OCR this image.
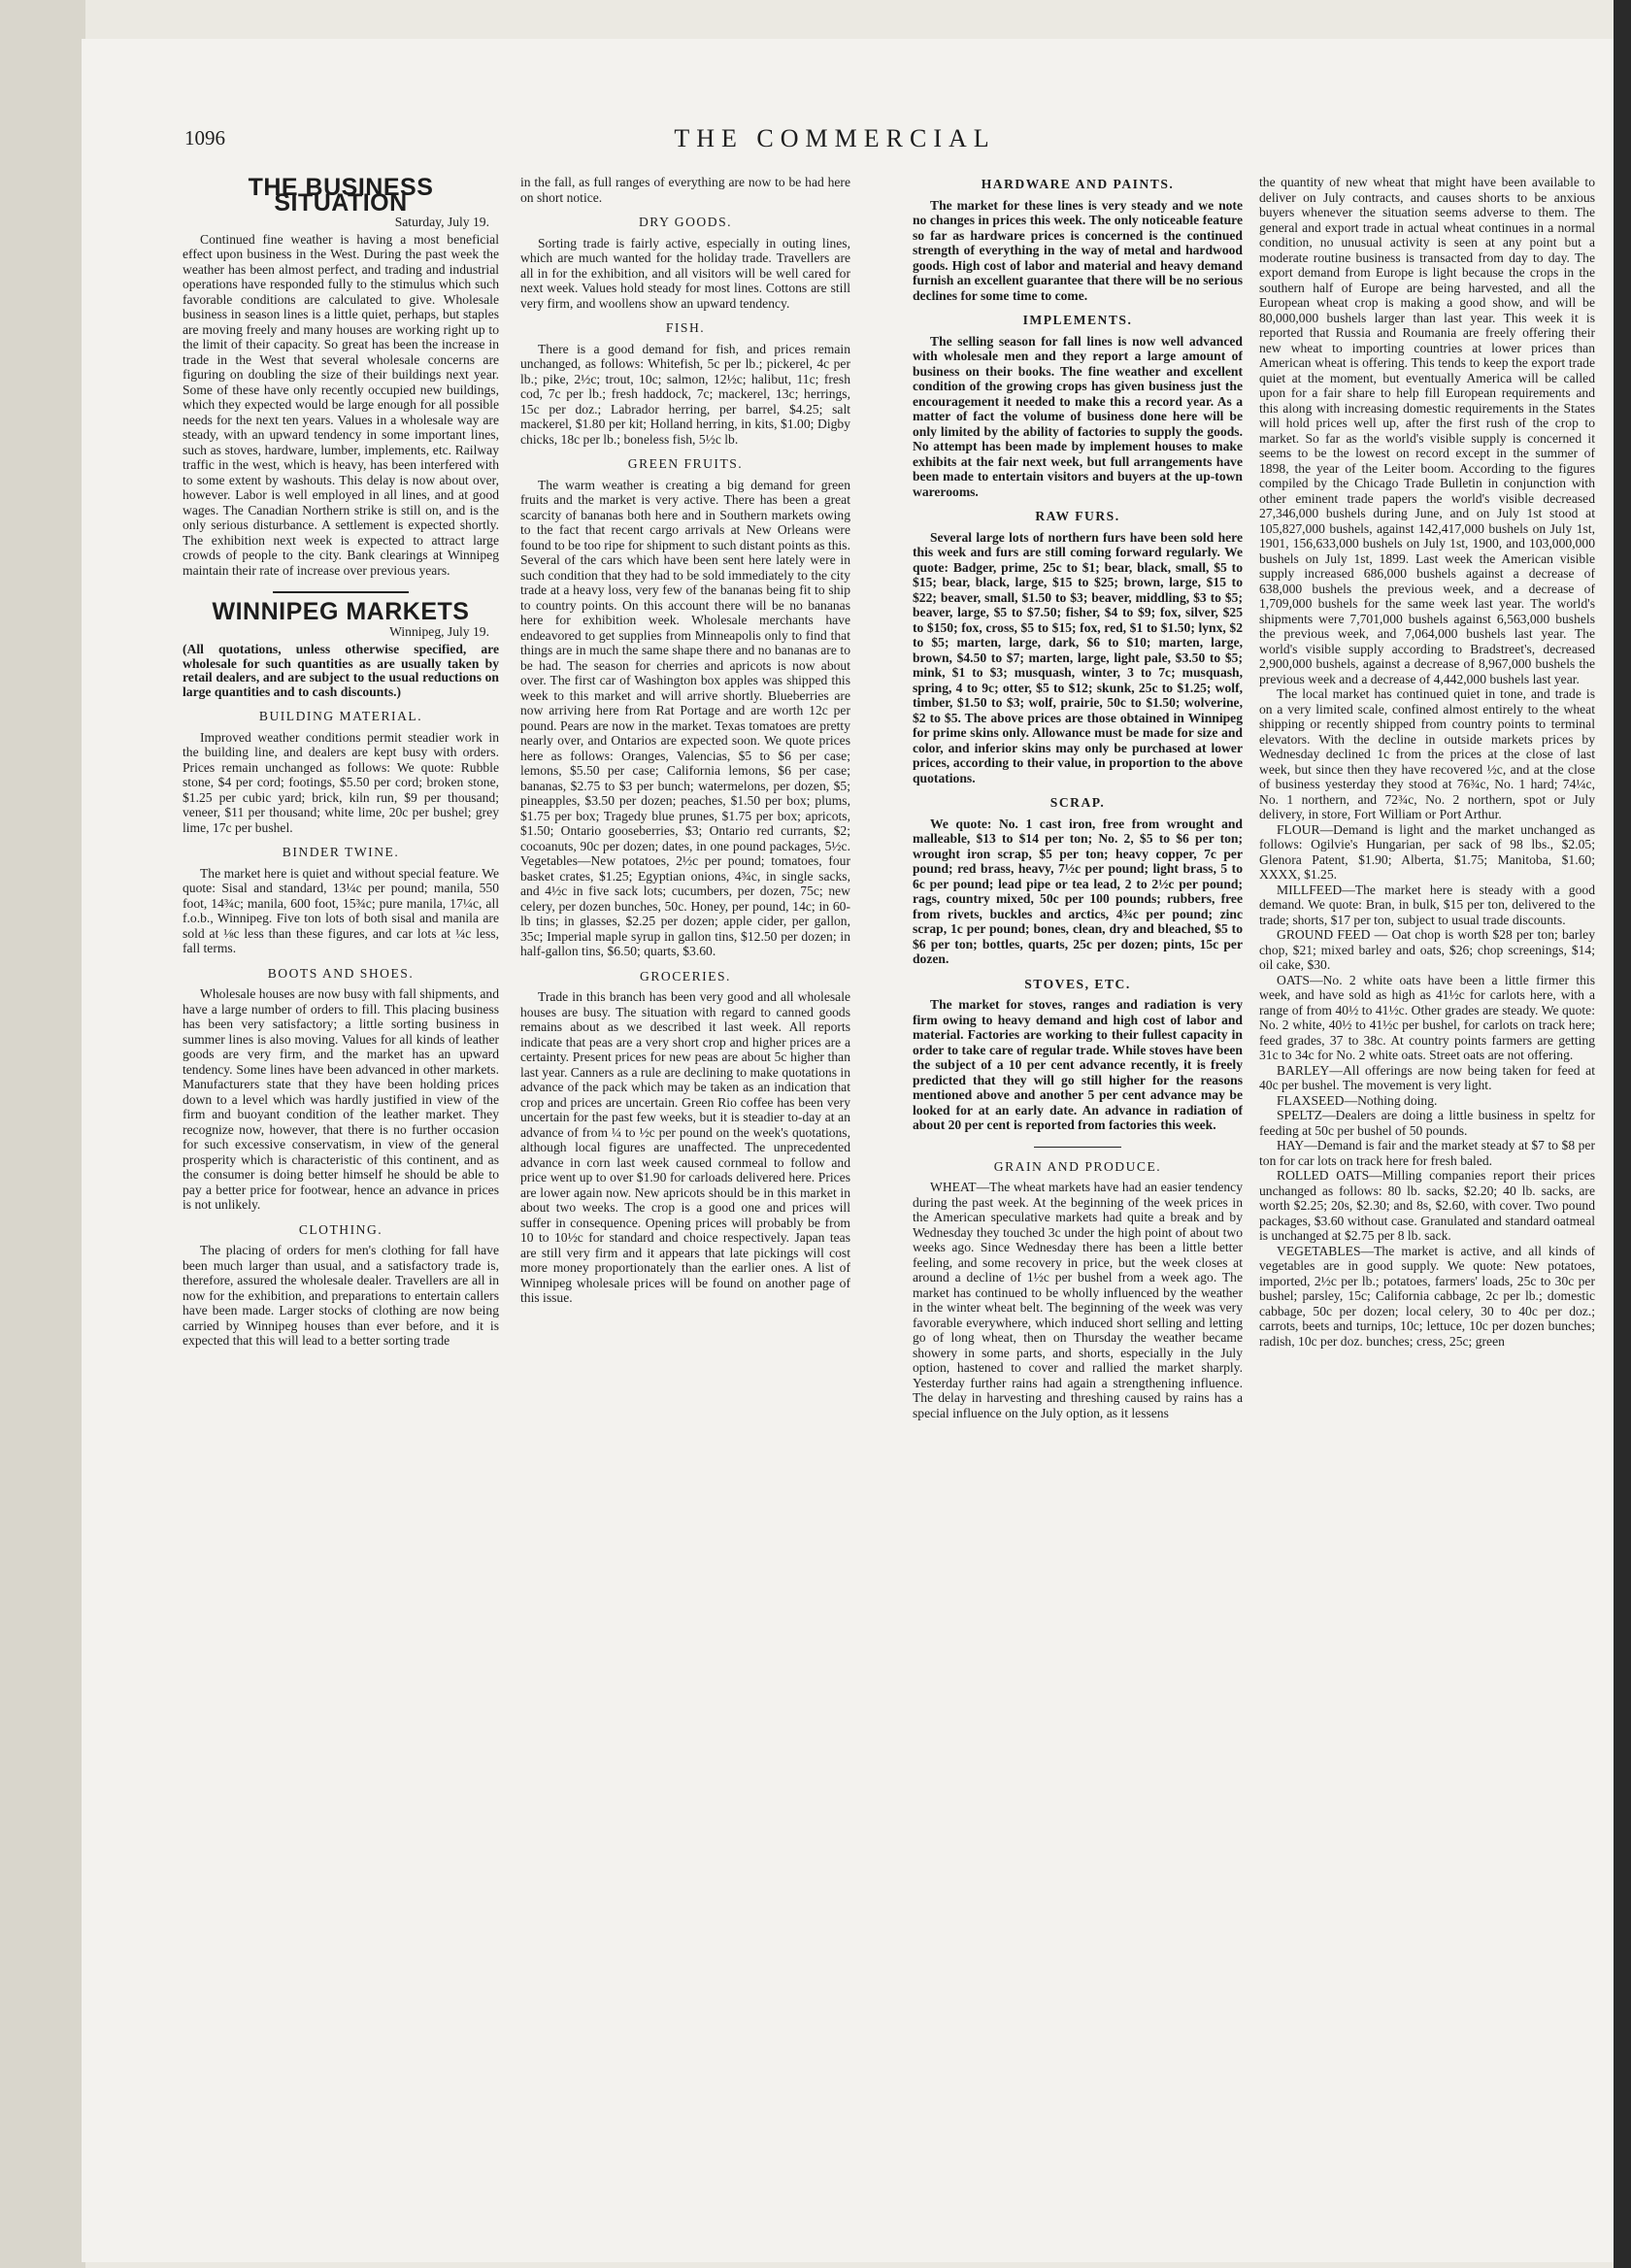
1096	THE COMMERCIAL
THE BUSINESS SITUATION
Saturday, July 19.

Continued fine weather is having a most beneficial effect upon business in the West. During the past week the weather has been almost perfect, and trading and industrial operations have responded fully to the stimulus which such favorable conditions are calculated to give. Wholesale business in season lines is a little quiet, perhaps, but staples are moving freely and many houses are working right up to the limit of their capacity. So great has been the increase in trade in the West that several wholesale concerns are figuring on doubling the size of their buildings next year. Some of these have only recently occupied new buildings, which they expected would be large enough for all possible needs for the next ten years. Values in a wholesale way are steady, with an upward tendency in some important lines, such as stoves, hardware, lumber, implements, etc. Railway traffic in the west, which is heavy, has been interfered with to some extent by washouts. This delay is now about over, however. Labor is well employed in all lines, and at good wages. The Canadian Northern strike is still on, and is the only serious disturbance. A settlement is expected shortly. The exhibition next week is expected to attract large crowds of people to the city. Bank clearings at Winnipeg maintain their rate of increase over previous years.

WINNIPEG MARKETS
Winnipeg, July 19.
(All quotations, unless otherwise specified, are wholesale for such quantities as are usually taken by retail dealers, and are subject to the usual reductions on large quantities and to cash discounts.)
BUILDING MATERIAL.

Improved weather conditions permit steadier work in the building line, and dealers are kept busy with orders. Prices remain unchanged as follows: We quote: Rubble stone, $4 per cord; footings, $5.50 per cord; broken stone, $1.25 per cubic yard; brick, kiln run, $9 per thousand; veneer, $11 per thousand; white lime, 20c per bushel; grey lime, 17c per bushel.

BINDER TWINE.

The market here is quiet and without special feature. We quote: Sisal and standard, 13¼c per pound; manila, 550 foot, 14¾c; manila, 600 foot, 15¾c; pure manila, 17¼c, all f.o.b., Winnipeg. Five ton lots of both sisal and manila are sold at ⅛c less than these figures, and car lots at ¼c less, fall terms.

BOOTS AND SHOES.

Wholesale houses are now busy with fall shipments, and have a large number of orders to fill. This placing business has been very satisfactory; a little sorting business in summer lines is also moving. Values for all kinds of leather goods are very firm, and the market has an upward tendency. Some lines have been advanced in other markets. Manufacturers state that they have been holding prices down to a level which was hardly justified in view of the firm and buoyant condition of the leather market. They recognize now, however, that there is no further occasion for such excessive conservatism, in view of the general prosperity which is characteristic of this continent, and as the consumer is doing better himself he should be able to pay a better price for footwear, hence an advance in prices is not unlikely.

CLOTHING.

The placing of orders for men's clothing for fall have been much larger than usual, and a satisfactory trade is, therefore, assured the wholesale dealer. Travellers are all in now for the exhibition, and preparations to entertain callers have been made. Larger stocks of clothing are now being carried by Winnipeg houses than ever before, and it is expected that this will lead to a better sorting trade

in the fall, as full ranges of everything are now to be had here on short notice.

DRY GOODS.

Sorting trade is fairly active, especially in outing lines, which are much wanted for the holiday trade. Travellers are all in for the exhibition, and all visitors will be well cared for next week. Values hold steady for most lines. Cottons are still very firm, and woollens show an upward tendency.

FISH.

There is a good demand for fish, and prices remain unchanged, as follows: Whitefish, 5c per lb.; pickerel, 4c per lb.; pike, 2½c; trout, 10c; salmon, 12½c; halibut, 11c; fresh cod, 7c per lb.; fresh haddock, 7c; mackerel, 13c; herrings, 15c per doz.; Labrador herring, per barrel, $4.25; salt mackerel, $1.80 per kit; Holland herring, in kits, $1.00; Digby chicks, 18c per lb.; boneless fish, 5½c lb.

GREEN FRUITS.

The warm weather is creating a big demand for green fruits and the market is very active. There has been a great scarcity of bananas both here and in Southern markets owing to the fact that recent cargo arrivals at New Orleans were found to be too ripe for shipment to such distant points as this. Several of the cars which have been sent here lately were in such condition that they had to be sold immediately to the city trade at a heavy loss, very few of the bananas being fit to ship to country points. On this account there will be no bananas here for exhibition week. Wholesale merchants have endeavored to get supplies from Minneapolis only to find that things are in much the same shape there and no bananas are to be had. The season for cherries and apricots is now about over. The first car of Washington box apples was shipped this week to this market and will arrive shortly. Blueberries are now arriving here from Rat Portage and are worth 12c per pound. Pears are now in the market. Texas tomatoes are pretty nearly over, and Ontarios are expected soon. We quote prices here as follows: Oranges, Valencias, $5 to $6 per case; lemons, $5.50 per case; California lemons, $6 per case; bananas, $2.75 to $3 per bunch; watermelons, per dozen, $5; pineapples, $3.50 per dozen; peaches, $1.50 per box; plums, $1.75 per box; Tragedy blue prunes, $1.75 per box; apricots, $1.50; Ontario gooseberries, $3; Ontario red currants, $2; cocoanuts, 90c per dozen; dates, in one pound packages, 5½c. Vegetables—New potatoes, 2½c per pound; tomatoes, four basket crates, $1.25; Egyptian onions, 4¾c, in single sacks, and 4½c in five sack lots; cucumbers, per dozen, 75c; new celery, per dozen bunches, 50c. Honey, per pound, 14c; in 60-lb tins; in glasses, $2.25 per dozen; apple cider, per gallon, 35c; Imperial maple syrup in gallon tins, $12.50 per dozen; in half-gallon tins, $6.50; quarts, $3.60.

GROCERIES.

Trade in this branch has been very good and all wholesale houses are busy. The situation with regard to canned goods remains about as we described it last week. All reports indicate that peas are a very short crop and higher prices are a certainty. Present prices for new peas are about 5c higher than last year. Canners as a rule are declining to make quotations in advance of the pack which may be taken as an indication that crop and prices are uncertain. Green Rio coffee has been very uncertain for the past few weeks, but it is steadier to-day at an advance of from ¼ to ½c per pound on the week's quotations, although local figures are unaffected. The unprecedented advance in corn last week caused cornmeal to follow and price went up to over $1.90 for carloads delivered here. Prices are lower again now. New apricots should be in this market in about two weeks. The crop is a good one and prices will suffer in consequence. Opening prices will probably be from 10 to 10½c for standard and choice respectively. Japan teas are still very firm and it appears that late pickings will cost more money proportionately than the earlier ones. A list of Winnipeg wholesale prices will be found on another page of this issue.

HARDWARE AND PAINTS.

The market for these lines is very steady and we note no changes in prices this week. The only noticeable feature so far as hardware prices is concerned is the continued strength of everything in the way of metal and hardwood goods. High cost of labor and material and heavy demand furnish an excellent guarantee that there will be no serious declines for some time to come.

IMPLEMENTS.

The selling season for fall lines is now well advanced with wholesale men and they report a large amount of business on their books. The fine weather and excellent condition of the growing crops has given business just the encouragement it needed to make this a record year. As a matter of fact the volume of business done here will be only limited by the ability of factories to supply the goods. No attempt has been made by implement houses to make exhibits at the fair next week, but full arrangements have been made to entertain visitors and buyers at the up-town warerooms.

RAW FURS.

Several large lots of northern furs have been sold here this week and furs are still coming forward regularly. We quote: Badger, prime, 25c to $1; bear, black, small, $5 to $15; bear, black, large, $15 to $25; brown, large, $15 to $22; beaver, small, $1.50 to $3; beaver, middling, $3 to $5; beaver, large, $5 to $7.50; fisher, $4 to $9; fox, silver, $25 to $150; fox, cross, $5 to $15; fox, red, $1 to $1.50; lynx, $2 to $5; marten, large, dark, $6 to $10; marten, large, brown, $4.50 to $7; marten, large, light pale, $3.50 to $5; mink, $1 to $3; musquash, winter, 3 to 7c; musquash, spring, 4 to 9c; otter, $5 to $12; skunk, 25c to $1.25; wolf, timber, $1.50 to $3; wolf, prairie, 50c to $1.50; wolverine, $2 to $5. The above prices are those obtained in Winnipeg for prime skins only. Allowance must be made for size and color, and inferior skins may only be purchased at lower prices, according to their value, in proportion to the above quotations.

SCRAP.

We quote: No. 1 cast iron, free from wrought and malleable, $13 to $14 per ton; No. 2, $5 to $6 per ton; wrought iron scrap, $5 per ton; heavy copper, 7c per pound; red brass, heavy, 7½c per pound; light brass, 5 to 6c per pound; lead pipe or tea lead, 2 to 2½c per pound; rags, country mixed, 50c per 100 pounds; rubbers, free from rivets, buckles and arctics, 4¾c per pound; zinc scrap, 1c per pound; bones, clean, dry and bleached, $5 to $6 per ton; bottles, quarts, 25c per dozen; pints, 15c per dozen.

STOVES, ETC.

The market for stoves, ranges and radiation is very firm owing to heavy demand and high cost of labor and material. Factories are working to their fullest capacity in order to take care of regular trade. While stoves have been the subject of a 10 per cent advance recently, it is freely predicted that they will go still higher for the reasons mentioned above and another 5 per cent advance may be looked for at an early date. An advance in radiation of about 20 per cent is reported from factories this week.

GRAIN AND PRODUCE.

WHEAT—The wheat markets have had an easier tendency during the past week. At the beginning of the week prices in the American speculative markets had quite a break and by Wednesday they touched 3c under the high point of about two weeks ago. Since Wednesday there has been a little better feeling, and some recovery in price, but the week closes at around a decline of 1½c per bushel from a week ago. The market has continued to be wholly influenced by the weather in the winter wheat belt. The beginning of the week was very favorable everywhere, which induced short selling and letting go of long wheat, then on Thursday the weather became showery in some parts, and shorts, especially in the July option, hastened to cover and rallied the market sharply. Yesterday further rains had again a strengthening influence. The delay in harvesting and threshing caused by rains has a special influence on the July option, as it lessens

the quantity of new wheat that might have been available to deliver on July contracts, and causes shorts to be anxious buyers whenever the situation seems adverse to them. The general and export trade in actual wheat continues in a normal condition, no unusual activity is seen at any point but a moderate routine business is transacted from day to day. The export demand from Europe is light because the crops in the southern half of Europe are being harvested, and all the European wheat crop is making a good show, and will be 80,000,000 bushels larger than last year. This week it is reported that Russia and Roumania are freely offering their new wheat to importing countries at lower prices than American wheat is offering. This tends to keep the export trade quiet at the moment, but eventually America will be called upon for a fair share to help fill European requirements and this along with increasing domestic requirements in the States will hold prices well up, after the first rush of the crop to market. So far as the world's visible supply is concerned it seems to be the lowest on record except in the summer of 1898, the year of the Leiter boom. According to the figures compiled by the Chicago Trade Bulletin in conjunction with other eminent trade papers the world's visible decreased 27,346,000 bushels during June, and on July 1st stood at 105,827,000 bushels, against 142,417,000 bushels on July 1st, 1901, 156,633,000 bushels on July 1st, 1900, and 103,000,000 bushels on July 1st, 1899. Last week the American visible supply increased 686,000 bushels against a decrease of 638,000 bushels the previous week, and a decrease of 1,709,000 bushels for the same week last year. The world's shipments were 7,701,000 bushels against 6,563,000 bushels the previous week, and 7,064,000 bushels last year. The world's visible supply according to Bradstreet's, decreased 2,900,000 bushels, against a decrease of 8,967,000 bushels the previous week and a decrease of 4,442,000 bushels last year.

The local market has continued quiet in tone, and trade is on a very limited scale, confined almost entirely to the wheat shipping or recently shipped from country points to terminal elevators. With the decline in outside markets prices by Wednesday declined 1c from the prices at the close of last week, but since then they have recovered ½c, and at the close of business yesterday they stood at 76¾c, No. 1 hard; 74¼c, No. 1 northern, and 72¾c, No. 2 northern, spot or July delivery, in store, Fort William or Port Arthur.

FLOUR—Demand is light and the market unchanged as follows: Ogilvie's Hungarian, per sack of 98 lbs., $2.05; Glenora Patent, $1.90; Alberta, $1.75; Manitoba, $1.60; XXXX, $1.25.

MILLFEED—The market here is steady with a good demand. We quote: Bran, in bulk, $15 per ton, delivered to the trade; shorts, $17 per ton, subject to usual trade discounts.

GROUND FEED — Oat chop is worth $28 per ton; barley chop, $21; mixed barley and oats, $26; chop screenings, $14; oil cake, $30.

OATS—No. 2 white oats have been a little firmer this week, and have sold as high as 41½c for carlots here, with a range of from 40½ to 41½c. Other grades are steady. We quote: No. 2 white, 40½ to 41½c per bushel, for carlots on track here; feed grades, 37 to 38c. At country points farmers are getting 31c to 34c for No. 2 white oats. Street oats are not offering.

BARLEY—All offerings are now being taken for feed at 40c per bushel. The movement is very light.

FLAXSEED—Nothing doing.

SPELTZ—Dealers are doing a little business in speltz for feeding at 50c per bushel of 50 pounds.

HAY—Demand is fair and the market steady at $7 to $8 per ton for car lots on track here for fresh baled.

ROLLED OATS—Milling companies report their prices unchanged as follows: 80 lb. sacks, $2.20; 40 lb. sacks, are worth $2.25; 20s, $2.30; and 8s, $2.60, with cover. Two pound packages, $3.60 without case. Granulated and standard oatmeal is unchanged at $2.75 per 8 lb. sack.

VEGETABLES—The market is active, and all kinds of vegetables are in good supply. We quote: New potatoes, imported, 2½c per lb.; potatoes, farmers' loads, 25c to 30c per bushel; parsley, 15c; California cabbage, 2c per lb.; domestic cabbage, 50c per dozen; local celery, 30 to 40c per doz.; carrots, beets and turnips, 10c; lettuce, 10c per dozen bunches; radish, 10c per doz. bunches; cress, 25c; green
